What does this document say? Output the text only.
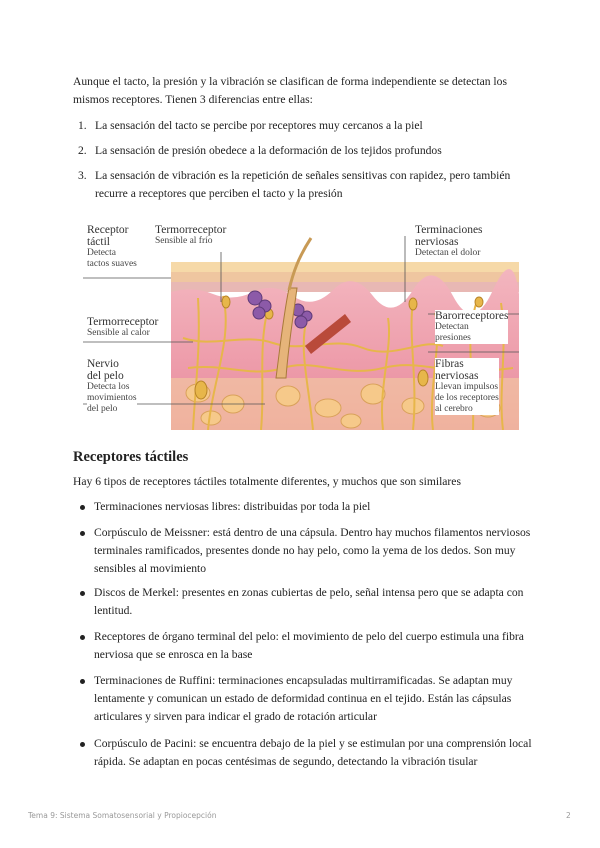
Aunque el tacto, la presión y la vibración se clasifican de forma independiente se detectan los mismos receptores. Tienen 3 diferencias entre ellas:

1. La sensación del tacto se percibe por receptores muy cercanos a la piel
2. La sensación de presión obedece a la deformación de los tejidos profundos
3. La sensación de vibración es la repetición de señales sensitivas con rapidez, pero también recurre a receptores que perciben el tacto y la presión
Receptor
táctil
Detecta
tactos suaves
Termorreceptor
Sensible al frío
Terminaciones
nerviosas
Detectan el dolor
Termorreceptor
Sensible al calor
Barorreceptores
Detectan
presiones
Nervio
del pelo
Detecta los
movimientos
del pelo
Fibras
nerviosas
Llevan impulsos
de los receptores
al cerebro
Receptores táctiles

Hay 6 tipos de receptores táctiles totalmente diferentes, y muchos que son similares

Terminaciones nerviosas libres: distribuidas por toda la piel
Corpúsculo de Meissner: está dentro de una cápsula. Dentro hay muchos filamentos nerviosos terminales ramificados, presentes donde no hay pelo, como la yema de los dedos. Son muy sensibles al movimiento
Discos de Merkel: presentes en zonas cubiertas de pelo, señal intensa pero que se adapta con lentitud.
Receptores de órgano terminal del pelo: el movimiento de pelo del cuerpo estimula una fibra nerviosa que se enrosca en la base
Terminaciones de Ruffini: terminaciones encapsuladas multirramificadas. Se adaptan muy lentamente y comunican un estado de deformidad continua en el tejido. Están las cápsulas articulares y sirven para indicar el grado de rotación articular
Corpúsculo de Pacini: se encuentra debajo de la piel y se estimulan por una comprensión local rápida. Se adaptan en pocas centésimas de segundo, detectando la vibración tisular
Tema 9: Sistema Somatosensorial y Propiocepción	2
